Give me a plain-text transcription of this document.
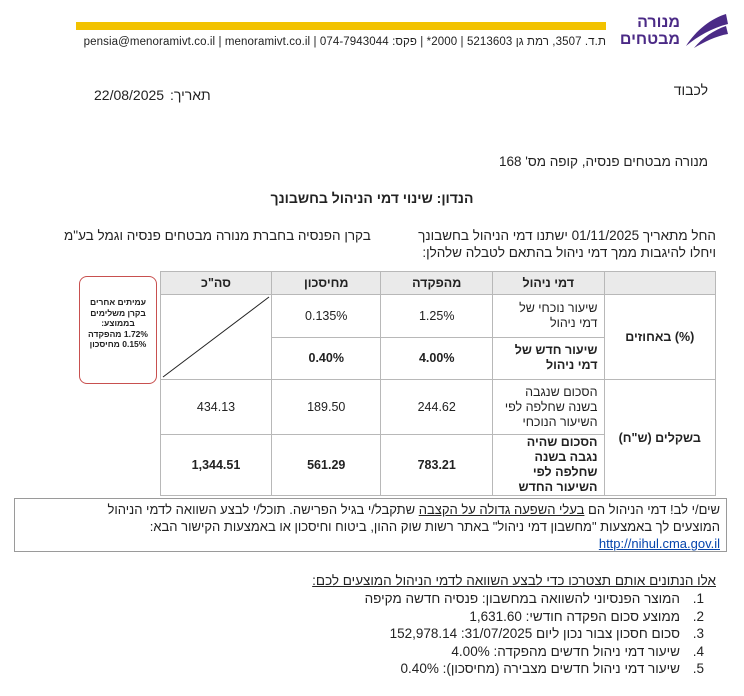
ת.ד. 3507, רמת גן 5213603 | 2000* | פקס: 074-7943044 | pensia@menoramivt.co.il | menoramivt.co.il
מנורה
מבטחים
לכבוד
22/08/2025 תאריך:
מנורה מבטחים פנסיה, קופה מס' 168
הנדון: שינוי דמי הניהול בחשבונך
החל מתאריך 01/11/2025 ישתנו דמי הניהול בחשבונך
ויחלו להיגבות ממך דמי ניהול בהתאם לטבלה שלהלן:
בקרן הפנסיה בחברת מנורה מבטחים פנסיה וגמל בע"מ
עמיתים אחרים
בקרן משלימים
בממוצע:
1.72% מהפקדה
0.15% מחיסכון
סה"כ	מחיסכון	מהפקדה	דמי ניהול	

	0.135%	1.25%	שיעור נוכחי של דמי ניהול	באחוזים (%)
	0.40%	4.00%	שיעור חדש של דמי ניהול	
434.13	189.50	244.62	הסכום שנגבה בשנה שחלפה לפי השיעור הנוכחי	בשקלים (ש"ח)
1,344.51	561.29	783.21	הסכום שהיה נגבה בשנה שחלפה לפי השיעור החדש	
שים/י לב! דמי הניהול הם בעלי השפעה גדולה על הקצבה שתקבל/י בגיל הפרישה. תוכל/י לבצע השוואה לדמי הניהול
המוצעים לך באמצעות "מחשבון דמי ניהול" באתר רשות שוק ההון, ביטוח וחיסכון או באמצעות הקישור הבא:
http://nihul.cma.gov.il
אלו הנתונים אותם תצטרכו כדי לבצע השוואה לדמי הניהול המוצעים לכם:
1.
המוצר הפנסיוני להשוואה במחשבון: פנסיה חדשה מקיפה
2.
ממוצע סכום הפקדה חודשי: 1,631.60
3.
סכום חסכון צבור נכון ליום 31/07/2025: 152,978.14
4.
שיעור דמי ניהול חדשים מהפקדה: 4.00%
5.
שיעור דמי ניהול חדשים מצבירה (מחיסכון): 0.40%
